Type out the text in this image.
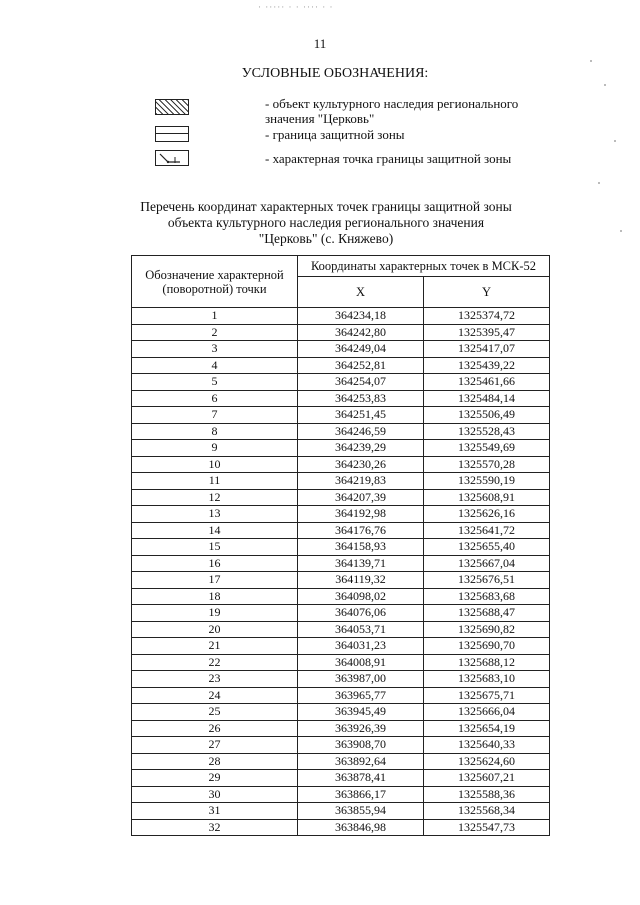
· ····· · · ···· · ·
11
УСЛОВНЫЕ ОБОЗНАЧЕНИЯ:
- объект культурного наследия регионального значения "Церковь"
- граница защитной зоны
- характерная точка границы защитной зоны
Перечень координат характерных точек границы защитной зоны
объекта культурного наследия регионального значения
"Церковь" (с. Княжево)
Обозначение характерной (поворотной) точки	Координаты характерных точек в МСК-52	
	X	Y
1	364234,18	1325374,72
2	364242,80	1325395,47
3	364249,04	1325417,07
4	364252,81	1325439,22
5	364254,07	1325461,66
6	364253,83	1325484,14
7	364251,45	1325506,49
8	364246,59	1325528,43
9	364239,29	1325549,69
10	364230,26	1325570,28
11	364219,83	1325590,19
12	364207,39	1325608,91
13	364192,98	1325626,16
14	364176,76	1325641,72
15	364158,93	1325655,40
16	364139,71	1325667,04
17	364119,32	1325676,51
18	364098,02	1325683,68
19	364076,06	1325688,47
20	364053,71	1325690,82
21	364031,23	1325690,70
22	364008,91	1325688,12
23	363987,00	1325683,10
24	363965,77	1325675,71
25	363945,49	1325666,04
26	363926,39	1325654,19
27	363908,70	1325640,33
28	363892,64	1325624,60
29	363878,41	1325607,21
30	363866,17	1325588,36
31	363855,94	1325568,34
32	363846,98	1325547,73
